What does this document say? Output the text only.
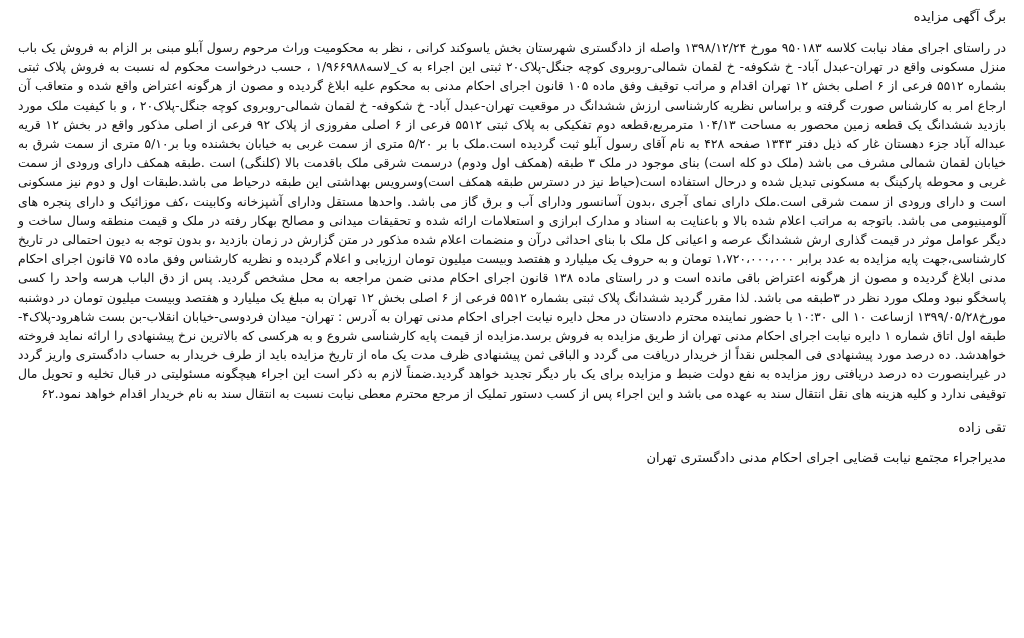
برگ آگهی مزایده

در راستای اجرای مفاد نیابت کلاسه ۹۵۰۱۸۳ مورخ ۱۳۹۸/۱۲/۲۴ واصله از دادگستری شهرستان بخش یاسوکند کرانی ، نظر به محکومیت وراث مرحوم رسول آبلو مبنی بر الزام به فروش یک باب منزل مسکونی واقع در تهران-عبدل آباد- خ شکوفه- خ لقمان شمالی-روبروی کوچه جنگل-پلاک۲۰ ثبتی این اجراء به ک_لاسه۱/۹۶۶۹۸۸ ، حسب درخواست محکوم له نسبت به فروش پلاک ثبتی بشماره ۵۵۱۲ فرعی از ۶ اصلی بخش ۱۲ تهران اقدام و مراتب توقیف وفق ماده ۱۰۵ قانون اجرای احکام مدنی به محکوم علیه ابلاغ گردیده و مصون از هرگونه اعتراض واقع شده و متعاقب آن ارجاع امر به کارشناس صورت گرفته و براساس نظریه کارشناسی ارزش ششدانگ در موقعیت تهران-عبدل آباد- خ شکوفه- خ لقمان شمالی-روبروی کوچه جنگل-پلاک۲۰ ، و با کیفیت ملک مورد بازدید ششدانگ یک قطعه زمین محصور به مساحت ۱۰۴/۱۳ مترمربع،قطعه دوم تفکیکی به پلاک ثبتی ۵۵۱۲ فرعی از ۶ اصلی مفروزی از پلاک ۹۲ فرعی از اصلی مذکور واقع در بخش ۱۲ قریه عبداله آباد جزء دهستان غار که ذیل دفتر ۱۳۴۳ صفحه ۴۲۸ به نام آقای رسول آبلو ثبت گردیده است.ملک با بر ۵/۲۰ متری از سمت غربی به خیابان بخشنده وبا بر۵/۱۰ متری از سمت شرق به خیابان لقمان شمالی مشرف می باشد (ملک دو کله است) بنای موجود در ملک ۳ طبقه (همکف اول ودوم) درسمت شرقی ملک باقدمت بالا (کلنگی) است .طبقه همکف دارای ورودی از سمت غربی و محوطه پارکینگ به مسکونی تبدیل شده و درحال استفاده است(حیاط نیز در دسترس طبقه همکف است)وسرویس بهداشتی این طبقه درحیاط می باشد.طبقات اول و دوم نیز مسکونی است و دارای ورودی از سمت شرقی است.ملک دارای نمای آجری ،بدون آسانسور ودارای آب و برق گاز می باشد. واحدها مستقل ودارای آشپزخانه وکابینت ،کف موزائیک و دارای پنجره های آلومینیومی می باشد. باتوجه به مراتب اعلام شده بالا و باعنایت به اسناد و مدارک ابرازی و استعلامات ارائه شده و تحقیقات میدانی و مصالح بهکار رفته در ملک و قیمت منطقه وسال ساخت و دیگر عوامل موثر در قیمت گذاری ارش ششدانگ عرصه و اعیانی کل ملک با بنای احداثی درآن و منضمات اعلام شده مذکور در متن گزارش در زمان بازدید ،و بدون توجه به دیون احتمالی در تاریخ کارشناسی،جهت پایه مزایده به عدد برابر ۱،۷۲۰،۰۰۰،۰۰۰ تومان و به حروف یک میلیارد و هفتصد وبیست میلیون تومان ارزیابی و اعلام گردیده و نظریه کارشناس وفق ماده ۷۵ قانون اجرای احکام مدنی ابلاغ گردیده و مصون از هرگونه اعتراض باقی مانده است و در راستای ماده ۱۳۸ قانون اجرای احکام مدنی ضمن مراجعه به محل مشخص گردید. پس از دق الباب هرسه واحد را کسی پاسخگو نبود وملک مورد نظر در ۳طبقه می باشد. لذا مقرر گردید ششدانگ پلاک ثبتی بشماره ۵۵۱۲ فرعی از ۶ اصلی بخش ۱۲ تهران به مبلغ یک میلیارد و هفتصد وبیست میلیون تومان در دوشنبه مورخ۱۳۹۹/۰۵/۲۸ ازساعت ۱۰ الی ۱۰:۳۰ با حضور نماینده محترم دادستان در محل دایره نیابت اجرای احکام مدنی تهران به آدرس : تهران- میدان فردوسی-خیابان انقلاب-بن بست شاهرود-پلاک۴- طبقه اول اتاق شماره ۱ دایره نیابت اجرای احکام مدنی تهران از طریق مزایده به فروش برسد.مزایده از قیمت پایه کارشناسی شروع و به هرکسی که بالاترین نرخ پیشنهادی را ارائه نماید فروخته خواهدشد. ده درصد مورد پیشنهادی فی المجلس نقداً از خریدار دریافت می گردد و الباقی ثمن پیشنهادی ظرف مدت یک ماه از تاریخ مزایده باید از طرف خریدار به حساب دادگستری واریز گردد در غیراینصورت ده درصد دریافتی روز مزایده به نفع دولت ضبط و مزایده برای یک بار دیگر تجدید خواهد گردید.ضمناً لازم به ذکر است این اجراء هیچگونه مسئولیتی در قبال تخلیه و تحویل مال توقیفی ندارد و کلیه هزینه های نقل انتقال سند به عهده می باشد و این اجراء پس از کسب دستور تملیک از مرجع محترم معطی نیابت نسبت به انتقال سند به نام خریدار اقدام خواهد نمود.۶۲

تقی زاده
مدیراجراء مجتمع نیابت قضایی اجرای احکام مدنی دادگستری تهران
